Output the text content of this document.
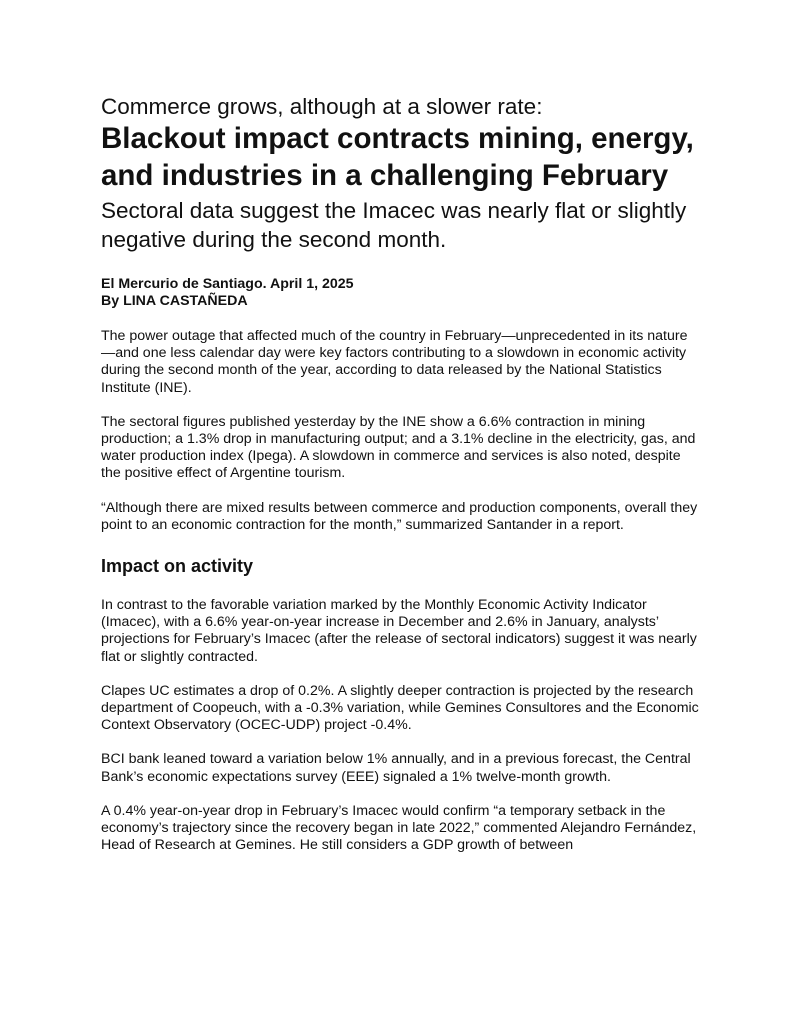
Commerce grows, although at a slower rate:
Blackout impact contracts mining, energy, and industries in a challenging February
Sectoral data suggest the Imacec was nearly flat or slightly negative during the second month.
El Mercurio de Santiago. April 1, 2025
By LINA CASTAÑEDA

The power outage that affected much of the country in February—unprecedented in its nature—and one less calendar day were key factors contributing to a slowdown in economic activity during the second month of the year, according to data released by the National Statistics Institute (INE).

The sectoral figures published yesterday by the INE show a 6.6% contraction in mining production; a 1.3% drop in manufacturing output; and a 3.1% decline in the electricity, gas, and water production index (Ipega). A slowdown in commerce and services is also noted, despite the positive effect of Argentine tourism.

“Although there are mixed results between commerce and production components, overall they point to an economic contraction for the month,” summarized Santander in a report.

Impact on activity

In contrast to the favorable variation marked by the Monthly Economic Activity Indicator (Imacec), with a 6.6% year-on-year increase in December and 2.6% in January, analysts’ projections for February’s Imacec (after the release of sectoral indicators) suggest it was nearly flat or slightly contracted.

Clapes UC estimates a drop of 0.2%. A slightly deeper contraction is projected by the research department of Coopeuch, with a -0.3% variation, while Gemines Consultores and the Economic Context Observatory (OCEC-UDP) project -0.4%.

BCI bank leaned toward a variation below 1% annually, and in a previous forecast, the Central Bank’s economic expectations survey (EEE) signaled a 1% twelve-month growth.

A 0.4% year-on-year drop in February’s Imacec would confirm “a temporary setback in the economy’s trajectory since the recovery began in late 2022,” commented Alejandro Fernández, Head of Research at Gemines. He still considers a GDP growth of between
